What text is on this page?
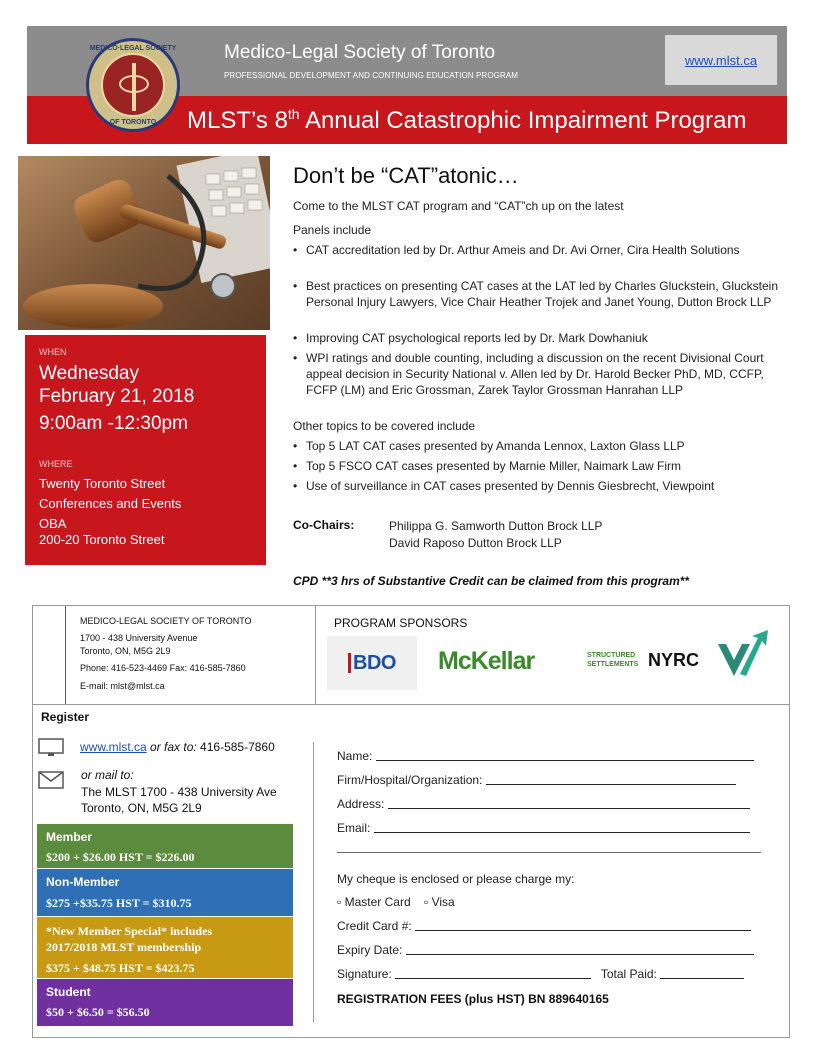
MEDICO·LEGAL SOCIETY
OF TORONTO
Medico-Legal Society of Toronto
PROFESSIONAL DEVELOPMENT AND CONTINUING EDUCATION PROGRAM
www.mlst.ca
MLST’s 8th Annual Catastrophic Impairment Program
WHEN
Wednesday
February 21, 2018
9:00am -12:30pm
WHERE
Twenty Toronto Street
Conferences and Events
OBA
200-20 Toronto Street
Don’t be “CAT”atonic…
Come to the MLST CAT program and “CAT”ch up on the latest
Panels include
• CAT accreditation led by Dr. Arthur Ameis and Dr. Avi Orner, Cira Health Solutions
• Best practices on presenting CAT cases at the LAT led by Charles Gluckstein, Gluckstein Personal Injury Lawyers, Vice Chair Heather Trojek and Janet Young, Dutton Brock LLP
• Improving CAT psychological reports led by Dr. Mark Dowhaniuk
• WPI ratings and double counting, including a discussion on the recent Divisional Court appeal decision in Security National v. Allen led by Dr. Harold Becker PhD, MD, CCFP, FCFP (LM) and Eric Grossman, Zarek Taylor Grossman Hanrahan LLP
Other topics to be covered include
• Top 5 LAT CAT cases presented by Amanda Lennox, Laxton Glass LLP
• Top 5 FSCO CAT cases presented by Marnie Miller, Naimark Law Firm
• Use of surveillance in CAT cases presented by Dennis Giesbrecht, Viewpoint
Co-Chairs:	Philippa G. Samworth Dutton Brock LLP
David Raposo Dutton Brock LLP
CPD **3 hrs of Substantive Credit can be claimed from this program**
MEDICO-LEGAL SOCIETY OF TORONTO
1700 - 438 University Avenue
Toronto, ON, M5G 2L9
Phone: 416-523-4469 Fax: 416-585-7860
E-mail: mlst@mlst.ca
PROGRAM SPONSORS
BDO McKellar	STRUCTURED
SETTLEMENTS NYRC
Register
www.mlst.ca or fax to: 416-585-7860
or mail to:
The MLST 1700 - 438 University Ave
Toronto, ON, M5G 2L9
Member
$200 + $26.00 HST = $226.00
Non-Member
$275 +$35.75 HST = $310.75
*New Member Special* includes
2017/2018 MLST membership
$375 + $48.75 HST = $423.75
Student
$50 + $6.50 = $56.50
Name:
Firm/Hospital/Organization:
Address:
Email:
My cheque is enclosed or please charge my:
▫ Master Card ▫ Visa
Credit Card #:
Expiry Date:
Signature:	Total Paid:
REGISTRATION FEES (plus HST) BN 889640165
